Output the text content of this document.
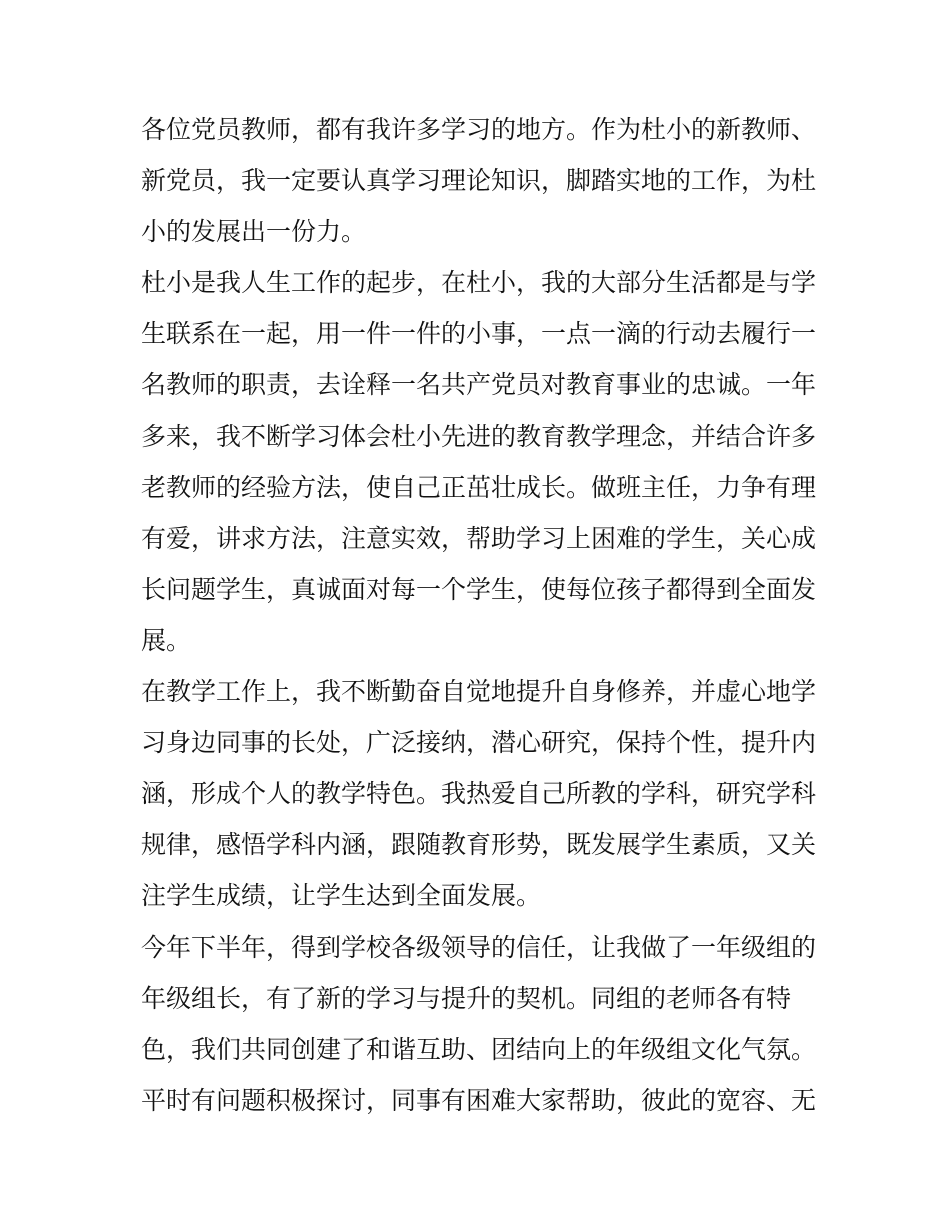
各位党员教师，都有我许多学习的地方。作为杜小的新教师、
新党员，我一定要认真学习理论知识，脚踏实地的工作，为杜
小的发展出一份力。
杜小是我人生工作的起步，在杜小，我的大部分生活都是与学
生联系在一起，用一件一件的小事，一点一滴的行动去履行一
名教师的职责，去诠释一名共产党员对教育事业的忠诚。一年
多来，我不断学习体会杜小先进的教育教学理念，并结合许多
老教师的经验方法，使自己正茁壮成长。做班主任，力争有理
有爱，讲求方法，注意实效，帮助学习上困难的学生，关心成
长问题学生，真诚面对每一个学生，使每位孩子都得到全面发
展。
在教学工作上，我不断勤奋自觉地提升自身修养，并虚心地学
习身边同事的长处，广泛接纳，潜心研究，保持个性，提升内
涵，形成个人的教学特色。我热爱自己所教的学科，研究学科
规律，感悟学科内涵，跟随教育形势，既发展学生素质，又关
注学生成绩，让学生达到全面发展。
今年下半年，得到学校各级领导的信任，让我做了一年级组的
年级组长，有了新的学习与提升的契机。同组的老师各有特
色，我们共同创建了和谐互助、团结向上的年级组文化气氛。
平时有问题积极探讨，同事有困难大家帮助，彼此的宽容、无
